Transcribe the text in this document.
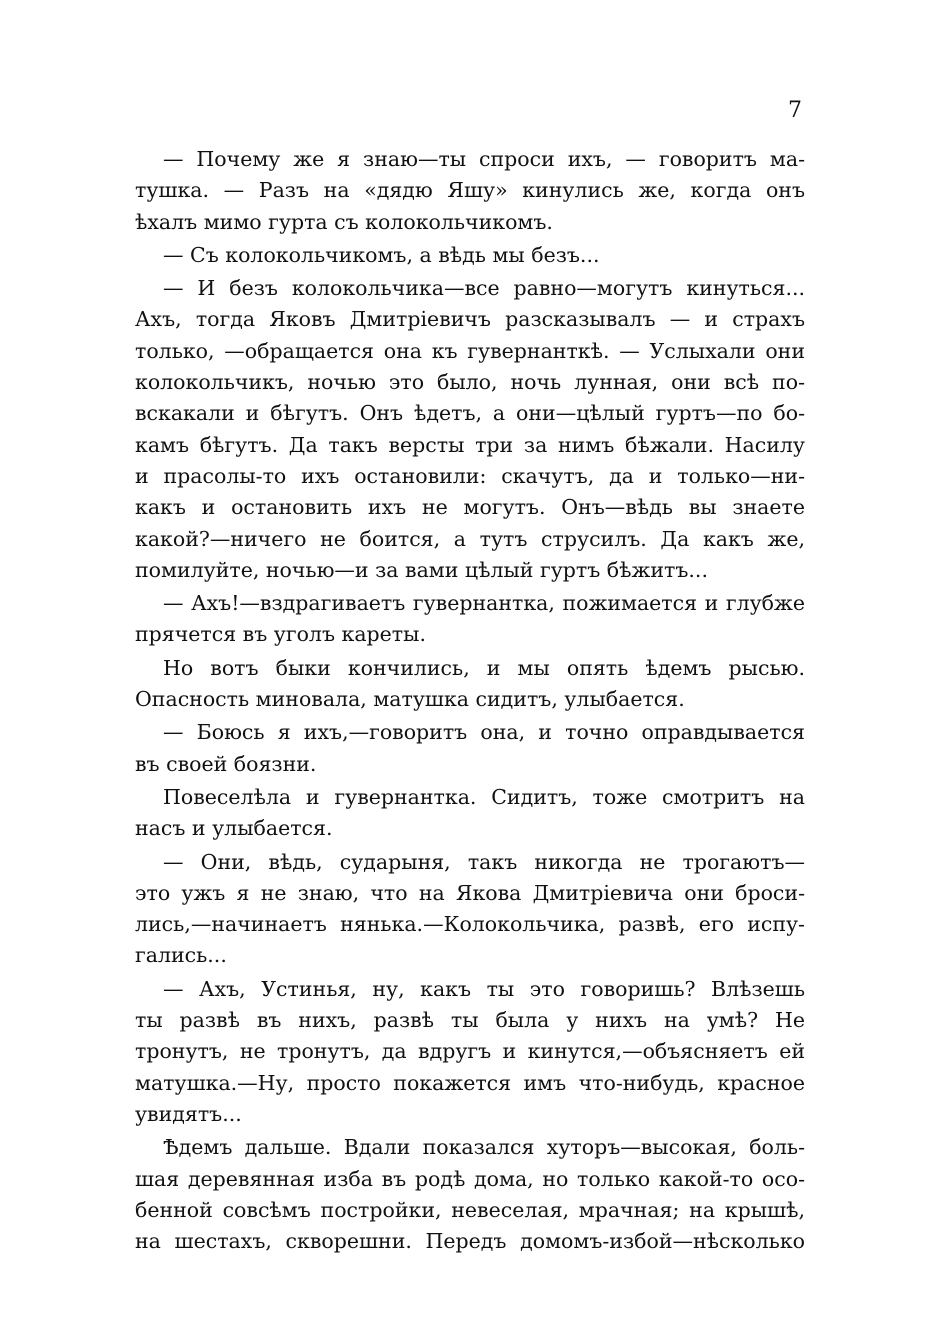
7
— Почему же я знаю—ты спроси ихъ, — говоритъ ма-
тушка. — Разъ на «дядю Яшу» кинулись же, когда онъ
ѣхалъ мимо гурта съ колокольчикомъ.
— Съ колокольчикомъ, а вѣдь мы безъ...
— И безъ колокольчика—все равно—могутъ кинуться...
Ахъ, тогда Яковъ Дмитріевичъ разсказывалъ — и страхъ
только, —обращается она къ гувернанткѣ. — Услыхали они
колокольчикъ, ночью это было, ночь лунная, они всѣ по-
вскакали и бѣгутъ. Онъ ѣдетъ, а они—цѣлый гуртъ—по бо-
камъ бѣгутъ. Да такъ версты три за нимъ бѣжали. Насилу
и прасолы-то ихъ остановили: скачутъ, да и только—ни-
какъ и остановить ихъ не могутъ. Онъ—вѣдь вы знаете
какой?—ничего не боится, а тутъ струсилъ. Да какъ же,
помилуйте, ночью—и за вами цѣлый гуртъ бѣжитъ...
— Ахъ!—вздрагиваетъ гувернантка, пожимается и глубже
прячется въ уголъ кареты.
Но вотъ быки кончились, и мы опять ѣдемъ рысью.
Опасность миновала, матушка сидитъ, улыбается.
— Боюсь я ихъ,—говоритъ она, и точно оправдывается
въ своей боязни.
Повеселѣла и гувернантка. Сидитъ, тоже смотритъ на
насъ и улыбается.
— Они, вѣдь, сударыня, такъ никогда не трогаютъ—
это ужъ я не знаю, что на Якова Дмитріевича они броси-
лись,—начинаетъ нянька.—Колокольчика, развѣ, его испу-
гались...
— Ахъ, Устинья, ну, какъ ты это говоришь? Влѣзешь
ты развѣ въ нихъ, развѣ ты была у нихъ на умѣ? Не
тронутъ, не тронутъ, да вдругъ и кинутся,—объясняетъ ей
матушка.—Ну, просто покажется имъ что-нибудь, красное
увидятъ...
Ѣдемъ дальше. Вдали показался хуторъ—высокая, боль-
шая деревянная изба въ родѣ дома, но только какой-то осо-
бенной совсѣмъ постройки, невеселая, мрачная; на крышѣ,
на шестахъ, скворешни. Передъ домомъ-избой—нѣсколько
